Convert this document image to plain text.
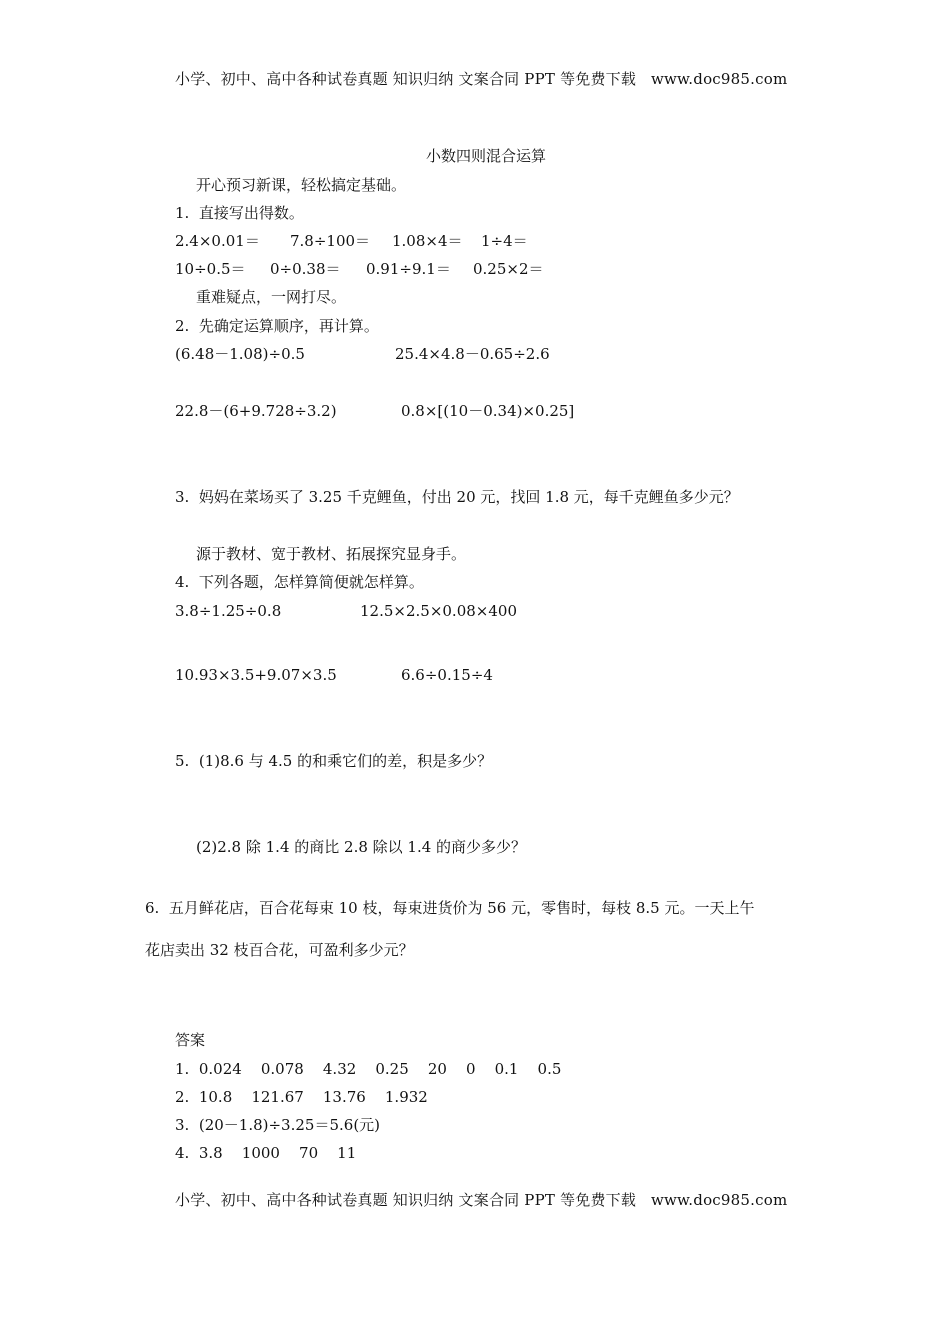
小学、初中、高中各种试卷真题 知识归纳 文案合同 PPT 等免费下载   www.doc985.com
小数四则混合运算
开心预习新课，轻松搞定基础。
1.  直接写出得数。
2.4×0.01＝ 7.8÷100＝ 1.08×4＝ 1÷4＝
10÷0.5＝ 0÷0.38＝ 0.91÷9.1＝ 0.25×2＝
重难疑点，一网打尽。
2.  先确定运算顺序，再计算。
(6.48－1.08)÷0.5	25.4×4.8－0.65÷2.6
22.8－(6+9.728÷3.2)	0.8×[(10－0.34)×0.25]
3.  妈妈在菜场买了 3.25 千克鲤鱼，付出 20 元，找回 1.8 元，每千克鲤鱼多少元？
源于教材、宽于教材、拓展探究显身手。
4.  下列各题，怎样算简便就怎样算。
3.8÷1.25÷0.8	12.5×2.5×0.08×400
10.93×3.5+9.07×3.5	6.6÷0.15÷4
5.  (1)8.6 与 4.5 的和乘它们的差，积是多少？
(2)2.8 除 1.4 的商比 2.8 除以 1.4 的商少多少？
6.  五月鲜花店，百合花每束 10 枝，每束进货价为 56 元，零售时，每枝 8.5 元。一天上午
花店卖出 32 枝百合花，可盈利多少元？
答案
1.  0.024    0.078    4.32    0.25    20    0    0.1    0.5
2.  10.8    121.67    13.76    1.932
3.  (20－1.8)÷3.25＝5.6(元)
4.  3.8    1000    70    11
小学、初中、高中各种试卷真题 知识归纳 文案合同 PPT 等免费下载   www.doc985.com
